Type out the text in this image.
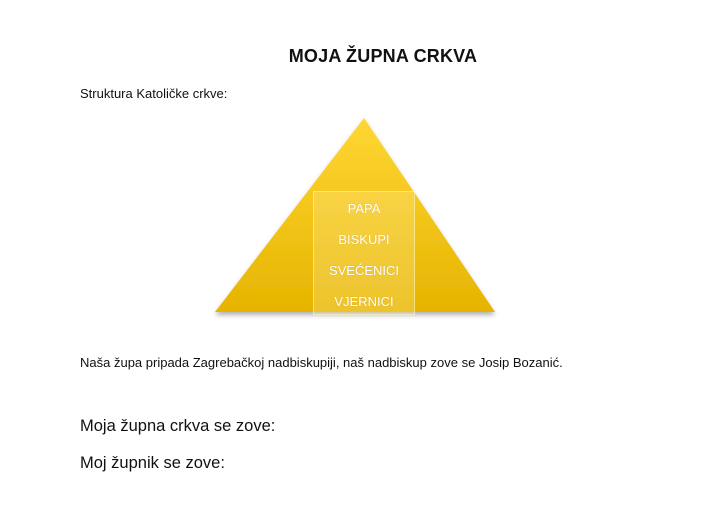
MOJA ŽUPNA CRKVA
Struktura Katoličke crkve:
PAPA
BISKUPI
SVEĆENICI
VJERNICI
Naša župa pripada Zagrebačkoj nadbiskupiji, naš nadbiskup zove se Josip Bozanić.
Moja župna crkva se zove:
Moj župnik se zove:
